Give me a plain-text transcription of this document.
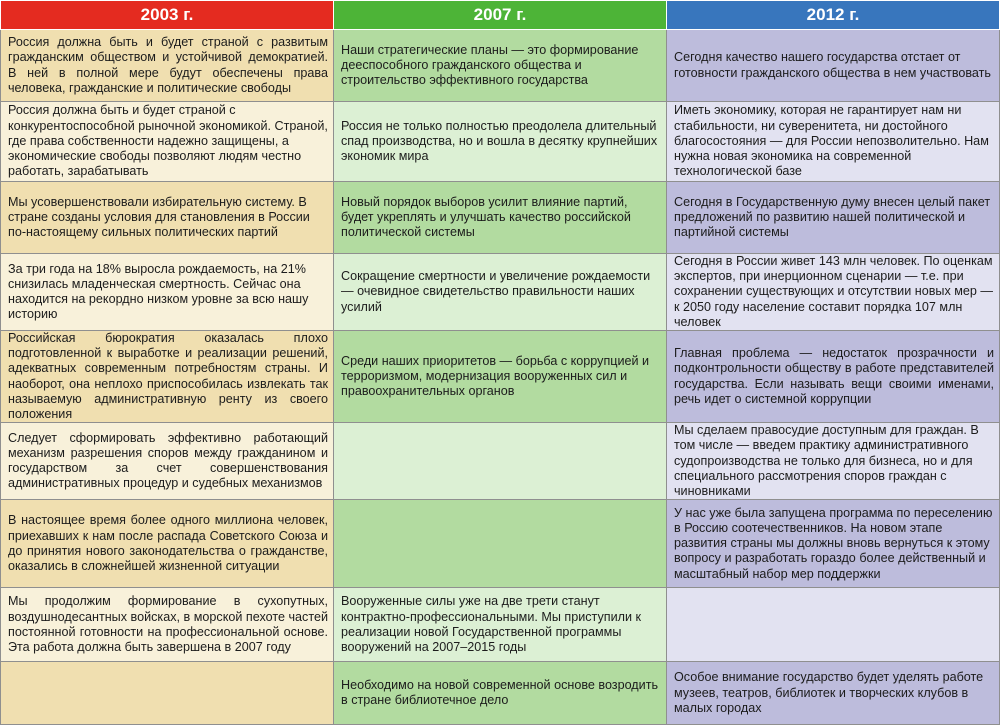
2003 г.	2007 г.	2012 г.
Россия должна быть и будет страной с развитым гражданским обществом и устойчивой демократией. В ней в полной мере будут обеспечены права человека, гражданские и политические свободы	Наши стратегические планы — это формирование дееспособного гражданского общества и строительство эффективного государства	Сегодня качество нашего государства отстает от готовности гражданского общества в нем участвовать
Россия должна быть и будет страной с конкурентоспособной рыночной экономикой. Страной, где права собственности надежно защищены, а экономические свободы позволяют людям честно работать, зарабатывать	Россия не только полностью преодолела длительный спад производства, но и вошла в десятку крупнейших экономик мира	Иметь экономику, которая не гарантирует нам ни стабильности, ни суверенитета, ни достойного благосостояния — для России непозволительно. Нам нужна новая экономика на современной технологической базе
Мы усовершенствовали избирательную систему. В стране созданы условия для становления в России по-настоящему сильных политических партий	Новый порядок выборов усилит влияние партий, будет укреплять и улучшать качество российской политической системы	Сегодня в Государственную думу внесен целый пакет предложений по развитию нашей политической и партийной системы
За три года на 18% выросла рождаемость, на 21% снизилась младенческая смертность. Сейчас она находится на рекордно низком уровне за всю нашу историю	Сокращение смертности и увеличение рождаемости — очевидное свидетельство правильности наших усилий	Сегодня в России живет 143 млн человек. По оценкам экспертов, при инерционном сценарии — т.е. при сохранении существующих и отсутствии новых мер — к 2050 году население составит порядка 107 млн человек
Российская бюрократия оказалась плохо подготовленной к выработке и реализации решений, адекватных современным потребностям страны. И наоборот, она неплохо приспособилась извлекать так называемую административную ренту из своего положения	Среди наших приоритетов — борьба с коррупцией и терроризмом, модернизация вооруженных сил и правоохранительных органов	Главная проблема — недостаток прозрачности и подконтрольности обществу в работе представителей государства. Если называть вещи своими именами, речь идет о системной коррупции
Следует сформировать эффективно работающий механизм разрешения споров между гражданином и государством за счет совершенствования административных процедур и судебных механизмов		Мы сделаем правосудие доступным для граждан. В том числе — введем практику административного судопроизводства не только для бизнеса, но и для специального рассмотрения споров граждан с чиновниками
В настоящее время более одного миллиона человек, приехавших к нам после распада Советского Союза и до принятия нового законодательства о гражданстве, оказались в сложнейшей жизненной ситуации		У нас уже была запущена программа по переселению в Россию соотечественников. На новом этапе развития страны мы должны вновь вернуться к этому вопросу и разработать гораздо более действенный и масштабный набор мер поддержки
Мы продолжим формирование в сухопутных, воздушнодесантных войсках, в морской пехоте частей постоянной готовности на профессиональной основе. Эта работа должна быть завершена в 2007 году	Вооруженные силы уже на две трети станут контрактно-профессиональными. Мы приступили к реализации новой Государственной программы вооружений на 2007–2015 годы	
	Необходимо на новой современной основе возродить в стране библиотечное дело	Особое внимание государство будет уделять работе музеев, театров, библиотек и творческих клубов в малых городах
